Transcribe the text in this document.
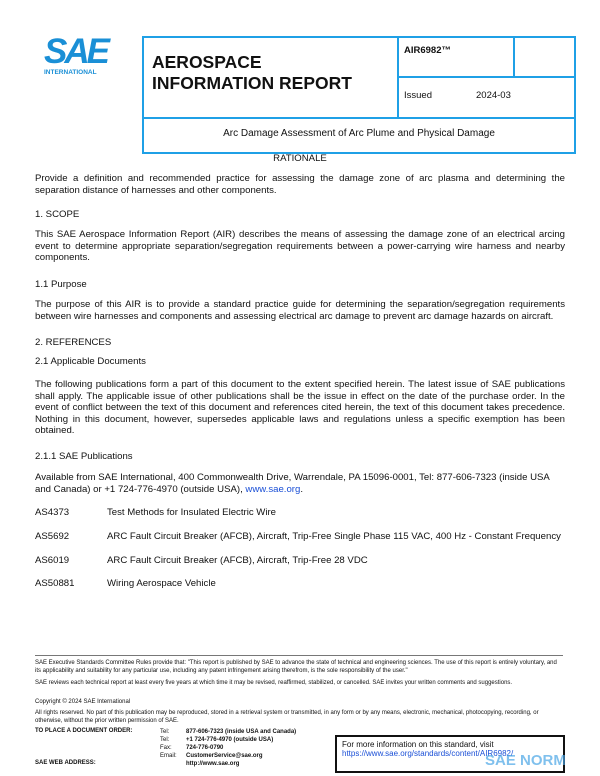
SAE
INTERNATIONAL
AEROSPACE
INFORMATION REPORT
AIR6982™
Issued	2024-03
Arc Damage Assessment of Arc Plume and Physical Damage
RATIONALE
Provide a definition and recommended practice for assessing the damage zone of arc plasma and determining the separation distance of harnesses and other components.
1. SCOPE
This SAE Aerospace Information Report (AIR) describes the means of assessing the damage zone of an electrical arcing event to determine appropriate separation/segregation requirements between a power-carrying wire harness and nearby components.
1.1 Purpose
The purpose of this AIR is to provide a standard practice guide for determining the separation/segregation requirements between wire harnesses and components and assessing electrical arc damage to prevent arc damage hazards on aircraft.
2. REFERENCES
2.1 Applicable Documents
The following publications form a part of this document to the extent specified herein. The latest issue of SAE publications shall apply. The applicable issue of other publications shall be the issue in effect on the date of the purchase order. In the event of conflict between the text of this document and references cited herein, the text of this document takes precedence. Nothing in this document, however, supersedes applicable laws and regulations unless a specific exemption has been obtained.
2.1.1 SAE Publications
Available from SAE International, 400 Commonwealth Drive, Warrendale, PA 15096-0001, Tel: 877-606-7323 (inside USA and Canada) or +1 724-776-4970 (outside USA), www.sae.org.
AS4373	Test Methods for Insulated Electric Wire
AS5692	ARC Fault Circuit Breaker (AFCB), Aircraft, Trip-Free Single Phase 115 VAC, 400 Hz - Constant Frequency
AS6019	ARC Fault Circuit Breaker (AFCB), Aircraft, Trip-Free 28 VDC
AS50881	Wiring Aerospace Vehicle
SAE Executive Standards Committee Rules provide that: "This report is published by SAE to advance the state of technical and engineering sciences. The use of this report is entirely voluntary, and its applicability and suitability for any particular use, including any patent infringement arising therefrom, is the sole responsibility of the user."
SAE reviews each technical report at least every five years at which time it may be revised, reaffirmed, stabilized, or cancelled. SAE invites your written comments and suggestions.
Copyright © 2024 SAE International
All rights reserved. No part of this publication may be reproduced, stored in a retrieval system or transmitted, in any form or by any means, electronic, mechanical, photocopying, recording, or otherwise, without the prior written permission of SAE.
TO PLACE A DOCUMENT ORDER:	Tel:	877-606-7323 (inside USA and Canada)
Tel:	+1 724-776-4970 (outside USA)
Fax: 724-776-0790
Email: CustomerService@sae.org
http://www.sae.org
SAE WEB ADDRESS:
For more information on this standard, visit
https://www.sae.org/standards/content/AIR6982/
SAE NORM
